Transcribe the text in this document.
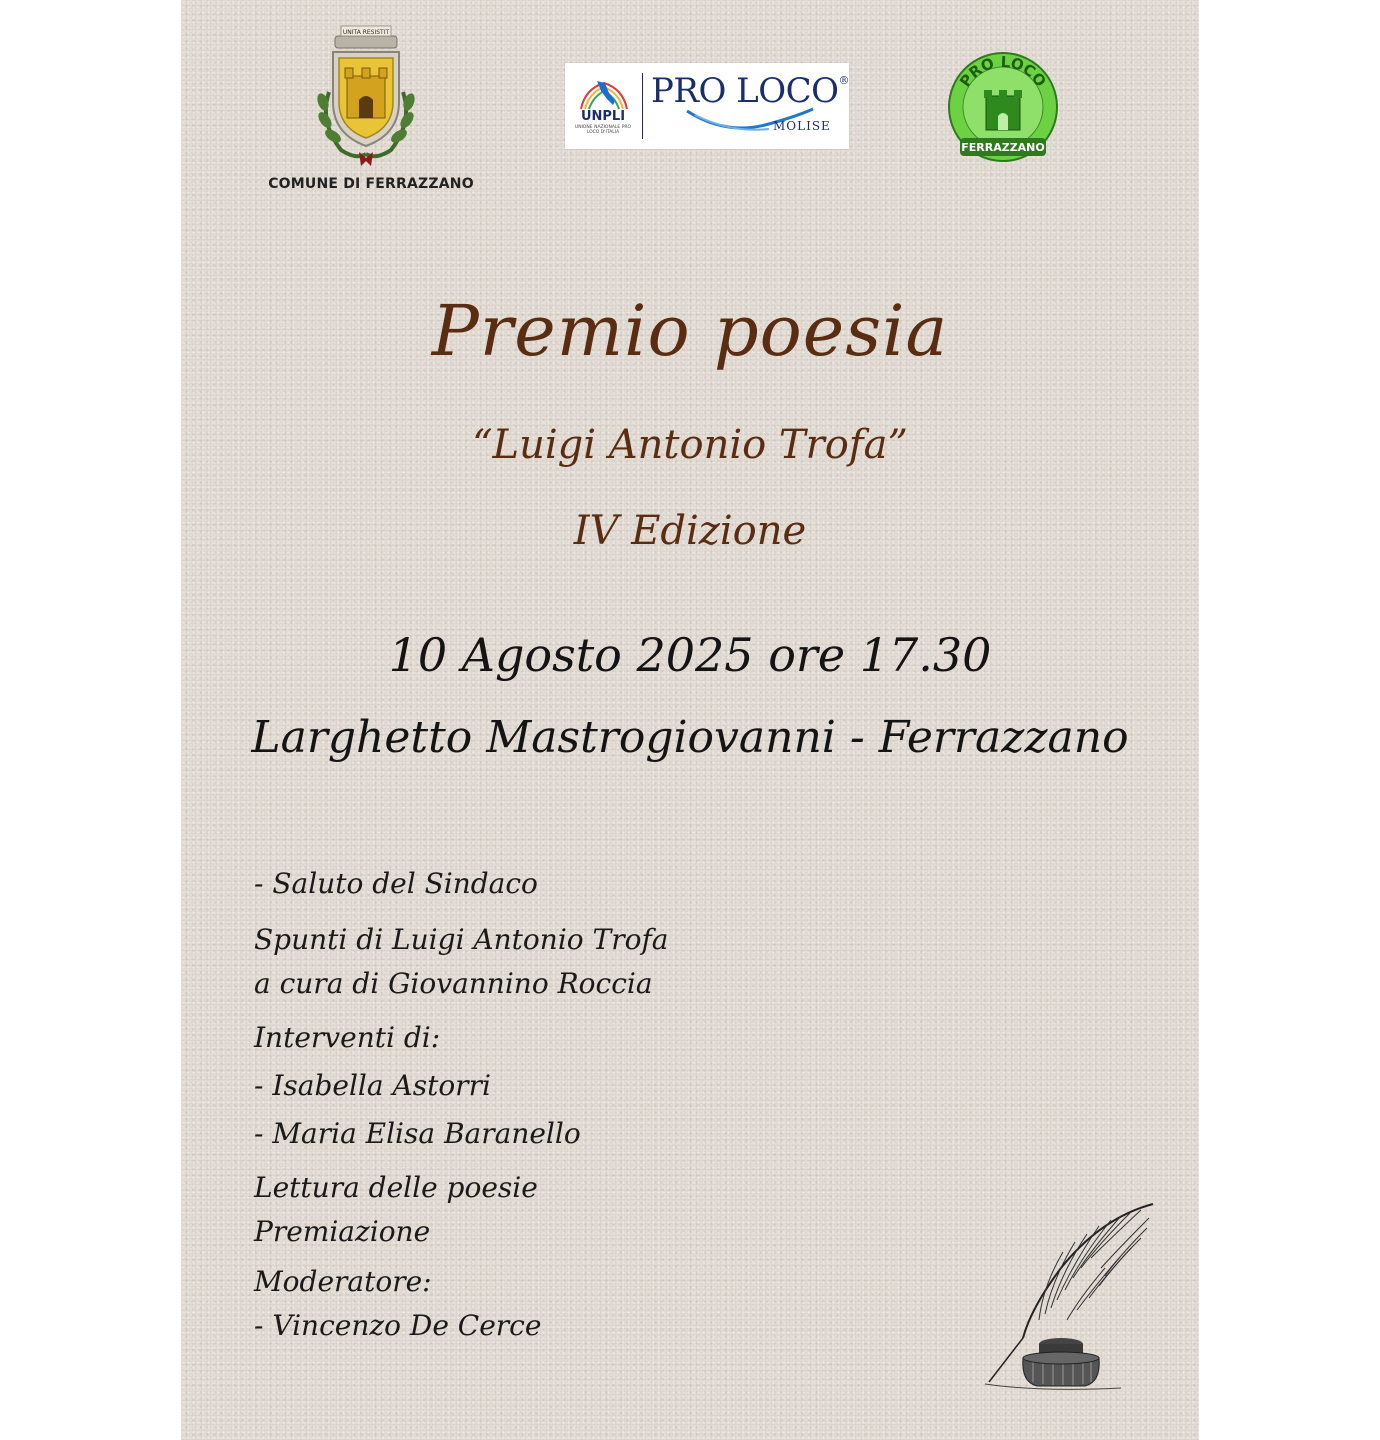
UNITA RESISTIT
COMUNE DI FERRAZZANO
UNPLI
UNIONE NAZIONALE PRO LOCO D'ITALIA
PRO LOCO®
MOLISE
PRO LOCO
FERRAZZANO
Premio poesia
“Luigi Antonio Trofa”
IV Edizione
10 Agosto 2025 ore 17.30
Larghetto Mastrogiovanni - Ferrazzano
- Saluto del Sindaco
Spunti di Luigi Antonio Trofa
a cura di Giovannino Roccia
Interventi di:
- Isabella Astorri
- Maria Elisa Baranello
Lettura delle poesie
Premiazione
Moderatore:
- Vincenzo De Cerce
